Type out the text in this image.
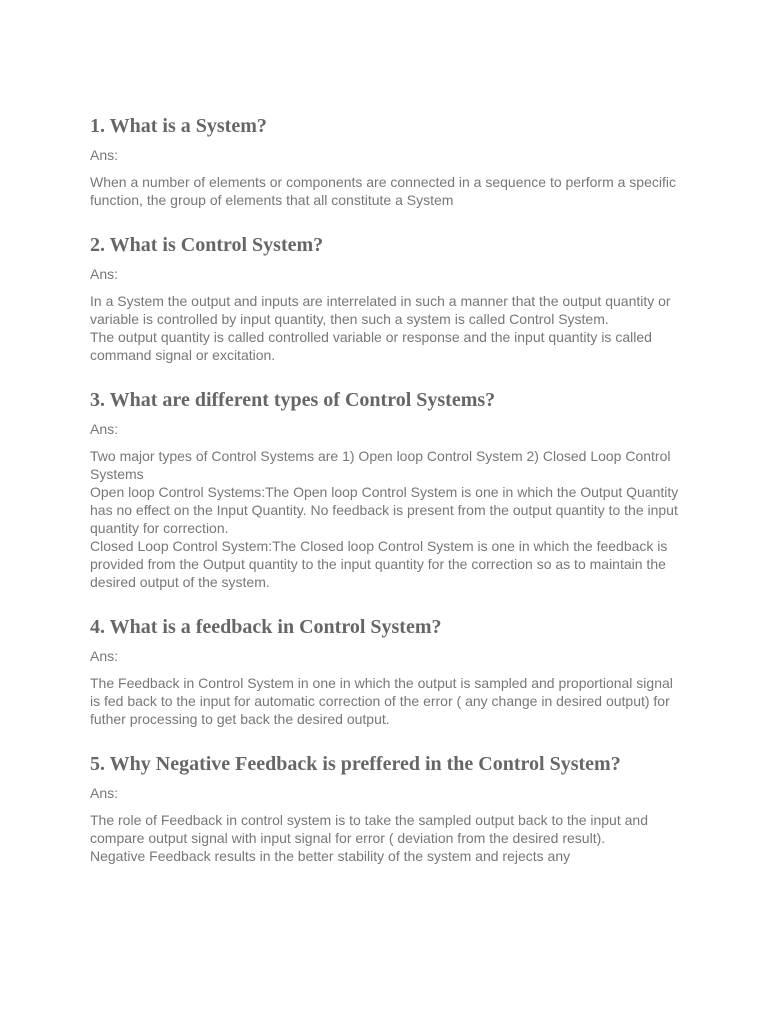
1. What is a System?
Ans:

When a number of elements or components are connected in a sequence to perform a specific function, the group of elements that all constitute a System

2. What is Control System?
Ans:

In a System the output and inputs are interrelated in such a manner that the output quantity or variable is controlled by input quantity, then such a system is called Control System.

The output quantity is called controlled variable or response and the input quantity is called command signal or excitation.

3. What are different types of Control Systems?
Ans:

Two major types of Control Systems are 1) Open loop Control System 2) Closed Loop Control Systems

Open loop Control Systems:The Open loop Control System is one in which the Output Quantity has no effect on the Input Quantity. No feedback is present from the output quantity to the input quantity for correction.

Closed Loop Control System:The Closed loop Control System is one in which the feedback is provided from the Output quantity to the input quantity for the correction so as to maintain the desired output of the system.

4. What is a feedback in Control System?
Ans:

The Feedback in Control System in one in which the output is sampled and proportional signal is fed back to the input for automatic correction of the error ( any change in desired output) for futher processing to get back the desired output.

5. Why Negative Feedback is preffered in the Control System?
Ans:

The role of Feedback in control system is to take the sampled output back to the input and compare output signal with input signal for error ( deviation from the desired result).

Negative Feedback results in the better stability of the system and rejects any
